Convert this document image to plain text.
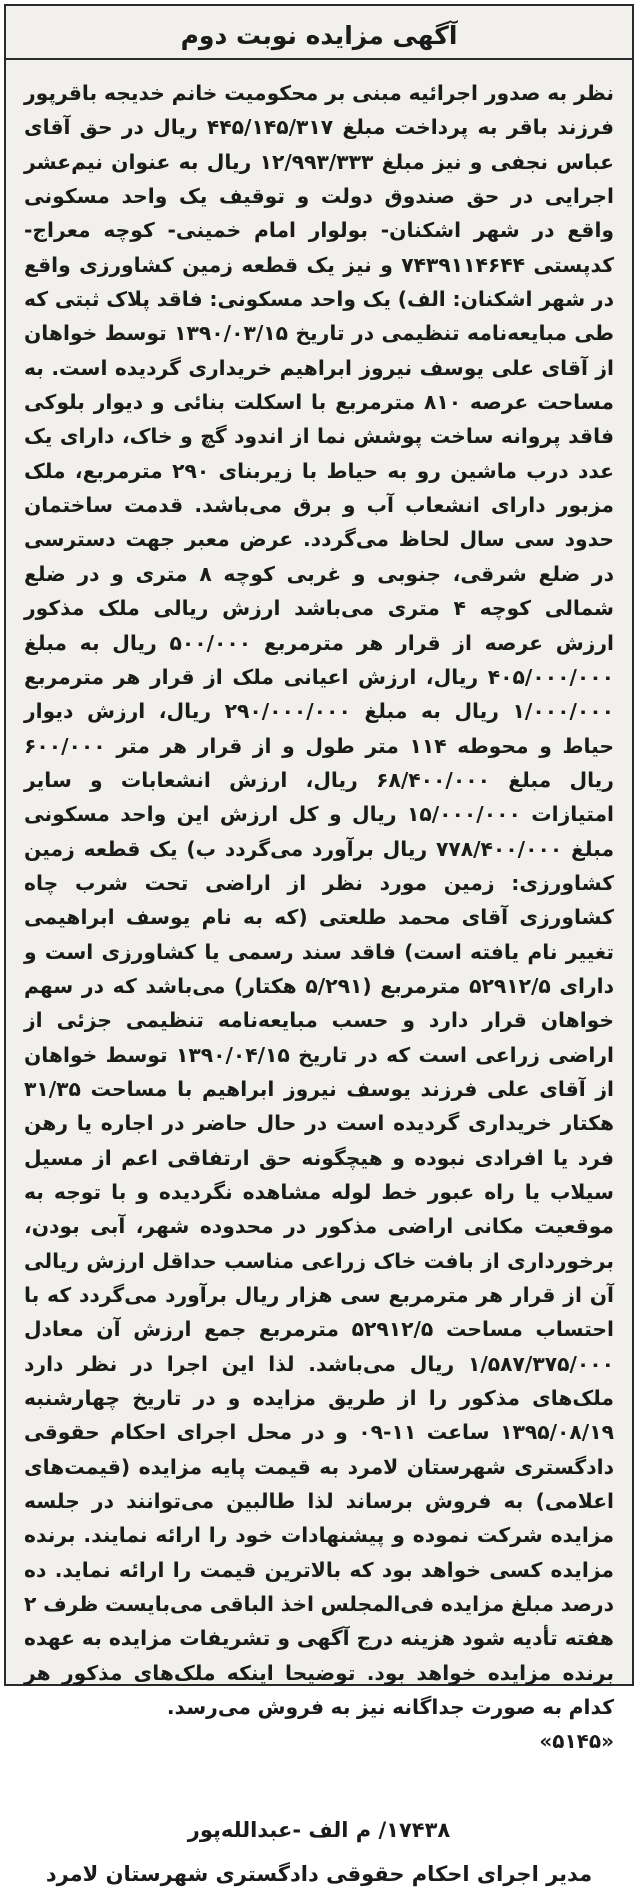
آگهی مزایده نوبت دوم

نظر به صدور اجرائیه مبنی بر محکومیت خانم خدیجه باقرپور فرزند باقر به پرداخت مبلغ ۴۴۵/۱۴۵/۳۱۷ ریال در حق آقای عباس نجفی و نیز مبلغ ۱۲/۹۹۳/۳۳۳ ریال به عنوان نیم‌عشر اجرایی در حق صندوق دولت و توقیف یک واحد مسکونی واقع در شهر اشکنان- بولوار امام خمینی- کوچه معراج- کدپستی ۷۴۳۹۱۱۴۶۴۴ و نیز یک قطعه زمین کشاورزی واقع در شهر اشکنان: الف) یک واحد مسکونی: فاقد پلاک ثبتی که طی مبایعه‌نامه تنظیمی در تاریخ ۱۳۹۰/۰۳/۱۵ توسط خواهان از آقای علی یوسف نیروز ابراهیم خریداری گردیده است. به مساحت عرصه ۸۱۰ مترمربع با اسکلت بنائی و دیوار بلوکی فاقد پروانه ساخت پوشش نما از اندود گچ و خاک، دارای یک عدد درب ماشین رو به حیاط با زیربنای ۲۹۰ مترمربع، ملک مزبور دارای انشعاب آب و برق می‌باشد. قدمت ساختمان حدود سی سال لحاظ می‌گردد. عرض معبر جهت دسترسی در ضلع شرقی، جنوبی و غربی کوچه ۸ متری و در ضلع شمالی کوچه ۴ متری می‌باشد ارزش ریالی ملک مذکور ارزش عرصه از قرار هر مترمربع ۵۰۰/۰۰۰ ریال به مبلغ ۴۰۵/۰۰۰/۰۰۰ ریال، ارزش اعیانی ملک از قرار هر مترمربع ۱/۰۰۰/۰۰۰ ریال به مبلغ ۲۹۰/۰۰۰/۰۰۰ ریال، ارزش دیوار حیاط و محوطه ۱۱۴ متر طول و از قرار هر متر ۶۰۰/۰۰۰ ریال مبلغ ۶۸/۴۰۰/۰۰۰ ریال، ارزش انشعابات و سایر امتیازات ۱۵/۰۰۰/۰۰۰ ریال و کل ارزش این واحد مسکونی مبلغ ۷۷۸/۴۰۰/۰۰۰ ریال برآورد می‌گردد ب) یک قطعه زمین کشاورزی: زمین مورد نظر از اراضی تحت شرب چاه کشاورزی آقای محمد طلعتی (که به نام یوسف ابراهیمی تغییر نام یافته است) فاقد سند رسمی یا کشاورزی است و دارای ۵۲۹۱۲/۵ مترمربع (۵/۲۹۱ هکتار) می‌باشد که در سهم خواهان قرار دارد و حسب مبایعه‌نامه تنظیمی جزئی از اراضی زراعی است که در تاریخ ۱۳۹۰/۰۴/۱۵ توسط خواهان از آقای علی فرزند یوسف نیروز ابراهیم با مساحت ۳۱/۳۵ هکتار خریداری گردیده است در حال حاضر در اجاره یا رهن فرد یا افرادی نبوده و هیچگونه حق ارتفاقی اعم از مسیل سیلاب یا راه عبور خط لوله مشاهده نگردیده و با توجه به موقعیت مکانی اراضی مذکور در محدوده شهر، آبی بودن، برخورداری از بافت خاک زراعی مناسب حداقل ارزش ریالی آن از قرار هر مترمربع سی هزار ریال برآورد می‌گردد که با احتساب مساحت ۵۲۹۱۲/۵ مترمربع جمع ارزش آن معادل ۱/۵۸۷/۳۷۵/۰۰۰ ریال می‌باشد. لذا این اجرا در نظر دارد ملک‌های مذکور را از طریق مزایده و در تاریخ چهارشنبه ۱۳۹۵/۰۸/۱۹ ساعت ۱۱-۰۹ و در محل اجرای احکام حقوقی دادگستری شهرستان لامرد به قیمت پایه مزایده (قیمت‌های اعلامی) به فروش برساند لذا طالبین می‌توانند در جلسه مزایده شرکت نموده و پیشنهادات خود را ارائه نمایند. برنده مزایده کسی خواهد بود که بالاترین قیمت را ارائه نماید. ده درصد مبلغ مزایده فی‌المجلس اخذ الباقی می‌بایست ظرف ۲ هفته تأدیه شود هزینه درج آگهی و تشریفات مزایده به عهده برنده مزایده خواهد بود. توضیحا اینکه ملک‌های مذکور هر کدام به صورت جداگانه نیز به فروش می‌رسد.

«۵۱۴۵»

۱۷۴۳۸/ م الف -عبدالله‌پور

مدیر اجرای احکام حقوقی دادگستری شهرستان لامرد
